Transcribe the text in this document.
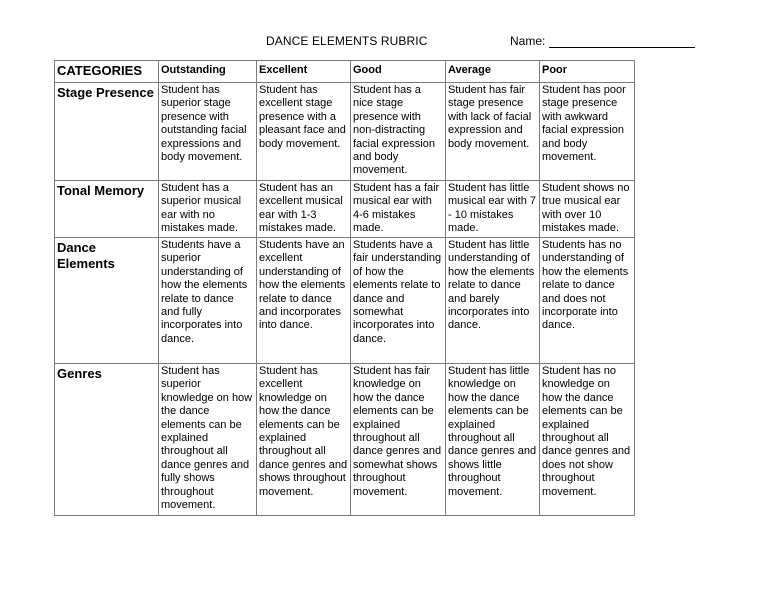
DANCE ELEMENTS RUBRIC	Name:
CATEGORIES	Outstanding	Excellent	Good	Average	Poor
Stage Presence	Student has superior stage presence with outstanding facial expressions and body movement.	Student has excellent stage presence with a pleasant face and body movement.	Student has a nice stage presence with non-distracting facial expression and body movement.	Student has fair stage presence with lack of facial expression and body movement.	Student has poor stage presence with awkward facial expression and body movement.
Tonal Memory	Student has a superior musical ear with no mistakes made.	Student has an excellent musical ear with 1-3 mistakes made.	Student has a fair musical ear with 4-6 mistakes made.	Student has little musical ear with 7 - 10 mistakes made.	Student shows no true musical ear with over 10 mistakes made.
Dance Elements	Students have a superior understanding of how the elements relate to dance and fully incorporates into dance.	Students have an excellent understanding of how the elements relate to dance and incorporates into dance.	Students have a fair understanding of how the elements relate to dance and somewhat incorporates into dance.	Student has little understanding of how the elements relate to dance and barely incorporates into dance.	Students has no understanding of how the elements relate to dance and does not incorporate into dance.
Genres	Student has superior knowledge on how the dance elements can be explained throughout all dance genres and fully shows throughout movement.	Student has excellent knowledge on how the dance elements can be explained throughout all dance genres and shows throughout movement.	Student has fair knowledge on how the dance elements can be explained throughout all dance genres and somewhat shows throughout movement.	Student has little knowledge on how the dance elements can be explained throughout all dance genres and shows little throughout movement.	Student has no knowledge on how the dance elements can be explained throughout all dance genres and does not show throughout movement.
